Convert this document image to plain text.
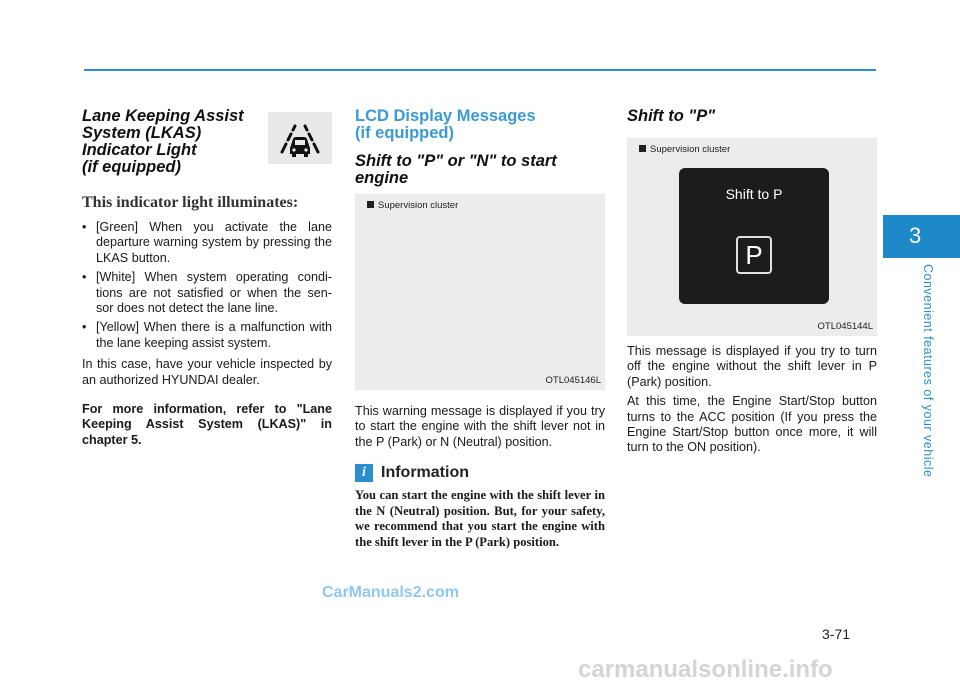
Lane Keeping Assist
System (LKAS)
Indicator Light
(if equipped)
This indicator light illuminates:
• [Green] When you activate the lane departure warning system by pressing the LKAS button.
• [White] When system operating condi- tions are not satisfied or when the sen- sor does not detect the lane line.
• [Yellow] When there is a malfunction with the lane keeping assist system.

In this case, have your vehicle inspected by an authorized HYUNDAI dealer.

For more information, refer to "Lane Keeping Assist System (LKAS)" in chapter 5.

LCD Display Messages
(if equipped)
Shift to "P" or "N" to start engine
Supervision cluster
OTL045146L

This warning message is displayed if you try to start the engine with the shift lever not in the P (Park) or N (Neutral) position.

i Information
You can start the engine with the shift lever in the N (Neutral) position. But, for your safety, we recommend that you start the engine with the shift lever in the P (Park) position.
Shift to "P"
Supervision cluster
Shift to P
P
OTL045144L

This message is displayed if you try to turn off the engine without the shift lever in P (Park) position.

At this time, the Engine Start/Stop button turns to the ACC position (If you press the Engine Start/Stop button once more, it will turn to the ON position).

3
Convenient features of your vehicle
3-71
CarManuals2.com
carmanualsonline.info
